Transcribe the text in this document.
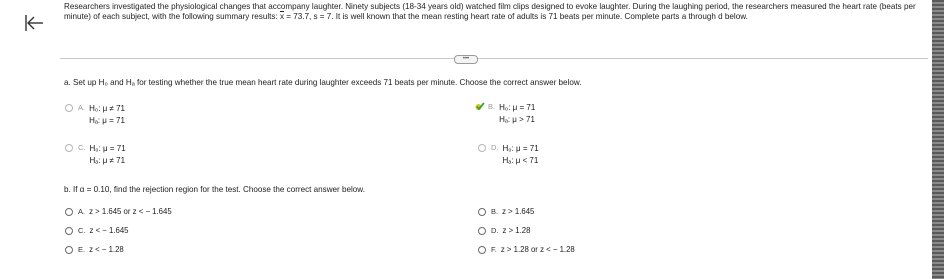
Researchers investigated the physiological changes that accompany laughter. Ninety subjects (18-34 years old) watched film clips designed to evoke laughter. During the laughing period, the researchers measured the heart rate (beats per minute) of each subject, with the following summary results: $\overline{x} = 73.7$, s = 7. It is well known that the mean resting heart rate of adults is 71 beats per minute. Complete parts a through d below.
•••
a. Set up H₀ and Hₐ for testing whether the true mean heart rate during laughter exceeds 71 beats per minute. Choose the correct answer below.
A. H₀: μ ≠ 71
Hₐ: μ = 71
B. H₀: μ = 71
Hₐ: μ > 71
C. H₀: μ = 71
Hₐ: μ ≠ 71
D. H₀: μ = 71
Hₐ: μ < 71
b. If α = 0.10, find the rejection region for the test. Choose the correct answer below.
A. z > 1.645 or z < − 1.645	B. z > 1.645
C. z < − 1.645	D. z > 1.28
E. z < − 1.28	F. z > 1.28 or z < − 1.28
